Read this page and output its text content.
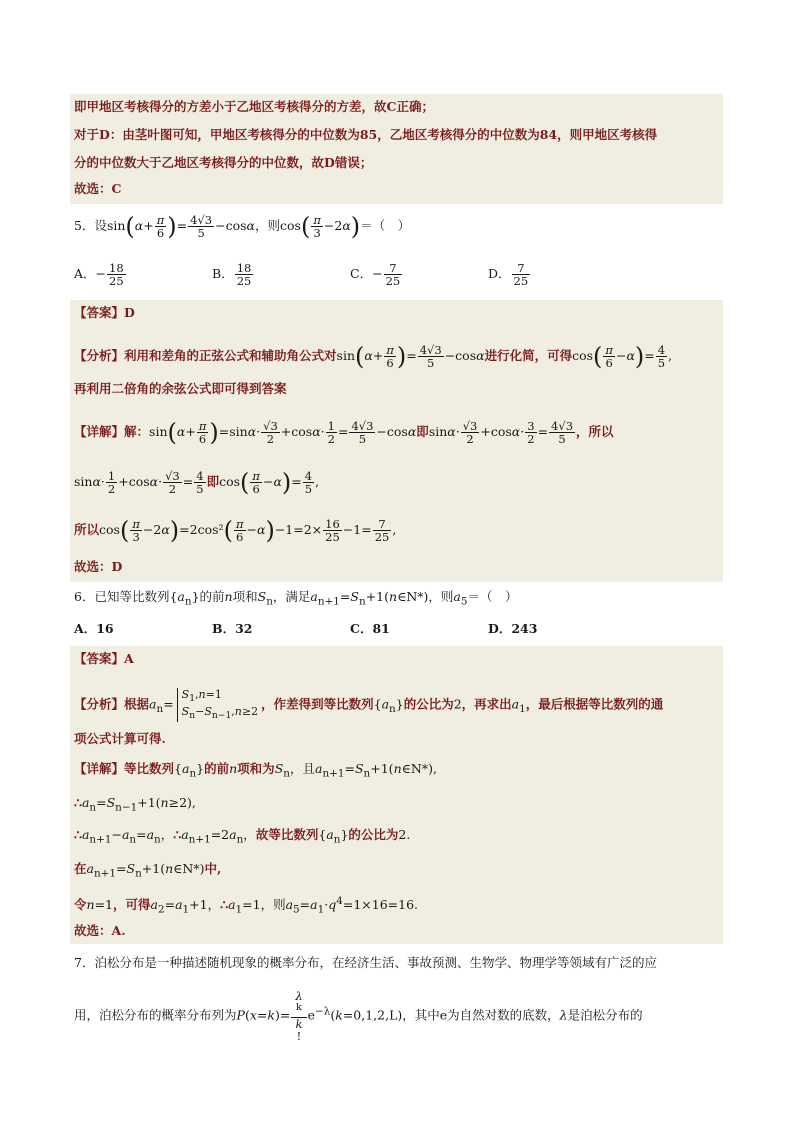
即甲地区考核得分的方差小于乙地区考核得分的方差，故C正确；
对于D：由茎叶图可知，甲地区考核得分的中位数为85，乙地区考核得分的中位数为84，则甲地区考核得
分的中位数大于乙地区考核得分的中位数，故D错误；
故选：C
5．设$\sin(\alpha+ \frac{\pi}{6}$ )= $\frac{4√3}{5} -\cos\alpha$，则$\cos( \frac{\pi}{3} -2\alpha)=$（　）
A．− $\frac{18}{25}$	B． $\frac{18}{25}$	C．− $\frac{7}{25}$	D． $\frac{7}{25}$
【答案】D
【分析】利用和差角的正弦公式和辅助角公式对$\sin(\alpha+ \frac{\pi}{6}$ )= $\frac{4√3}{5} -\cos\alpha$进行化简，可得$\cos( \frac{\pi}{6} -\alpha)= \frac{4}{5}$ ,
再利用二倍角的余弦公式即可得到答案
【详解】解：$\sin(\alpha+ \frac{\pi}{6} )=\sin\alpha\cdot \frac{√3}{2} +\cos\alpha\cdot \frac{1}{2} = \frac{4√3}{5} -\cos\alpha$即$\sin\alpha\cdot \frac{√3}{2} +\cos\alpha\cdot \frac{3}{2} = \frac{4√3}{5}$ ，所以
$\sin\alpha\cdot \frac{1}{2} +\cos\alpha\cdot \frac{√3}{2} = \frac{4}{5}$ 即$\cos( \frac{\pi}{6} -\alpha)= \frac{4}{5}$ ,
所以$\cos( \frac{\pi}{3} -2\alpha)=2\cos^2( \frac{\pi}{6} -\alpha)-1=2\times \frac{16}{25} -1= \frac{7}{25}$ ,
故选：D
6．已知等比数列$\{a_n\}$的前n项和$S_n$，满足$a_{n+1}=S_n+1(n\in N*)$，则$a_5=$（　）
A．16	B．32	C．81	D．243
【答案】A
【分析】根据$a_n=$
$S_1,n=1$
$S_n-S_{n-1},n\ge 2$ ，作差得到等比数列$\{a_n\}$的公比为2，再求出$a_1$，最后根据等比数列的通
项公式计算可得.
【详解】等比数列$\{a_n\}$的前n项和为$S_n$，且$a_{n+1}=S_n+1(n\in N*)$,
$\therefore a_n=S_{n-1}+1(n\ge 2)$,
$\therefore a_{n+1}-a_n=a_n$，$\therefore a_{n+1}=2a_n$，故等比数列$\{a_n\}$的公比为2.
在$a_{n+1}=S_n+1(n\in N*)$中,
令n=1，可得$a_2=a_1+1$，$\therefore a_1=1$，则$a_5=a_1\cdot q^4=1\times 16=16$.
故选：A.
7．泊松分布是一种描述随机现象的概率分布，在经济生活、事故预测、生物学、物理学等领域有广泛的应
用，泊松分布的概率分布列为P(x=k)= λ
$^k$
k
! $e^{-\lambda}(k=0,1,2,L)$，其中e为自然对数的底数，λ是泊松分布的
